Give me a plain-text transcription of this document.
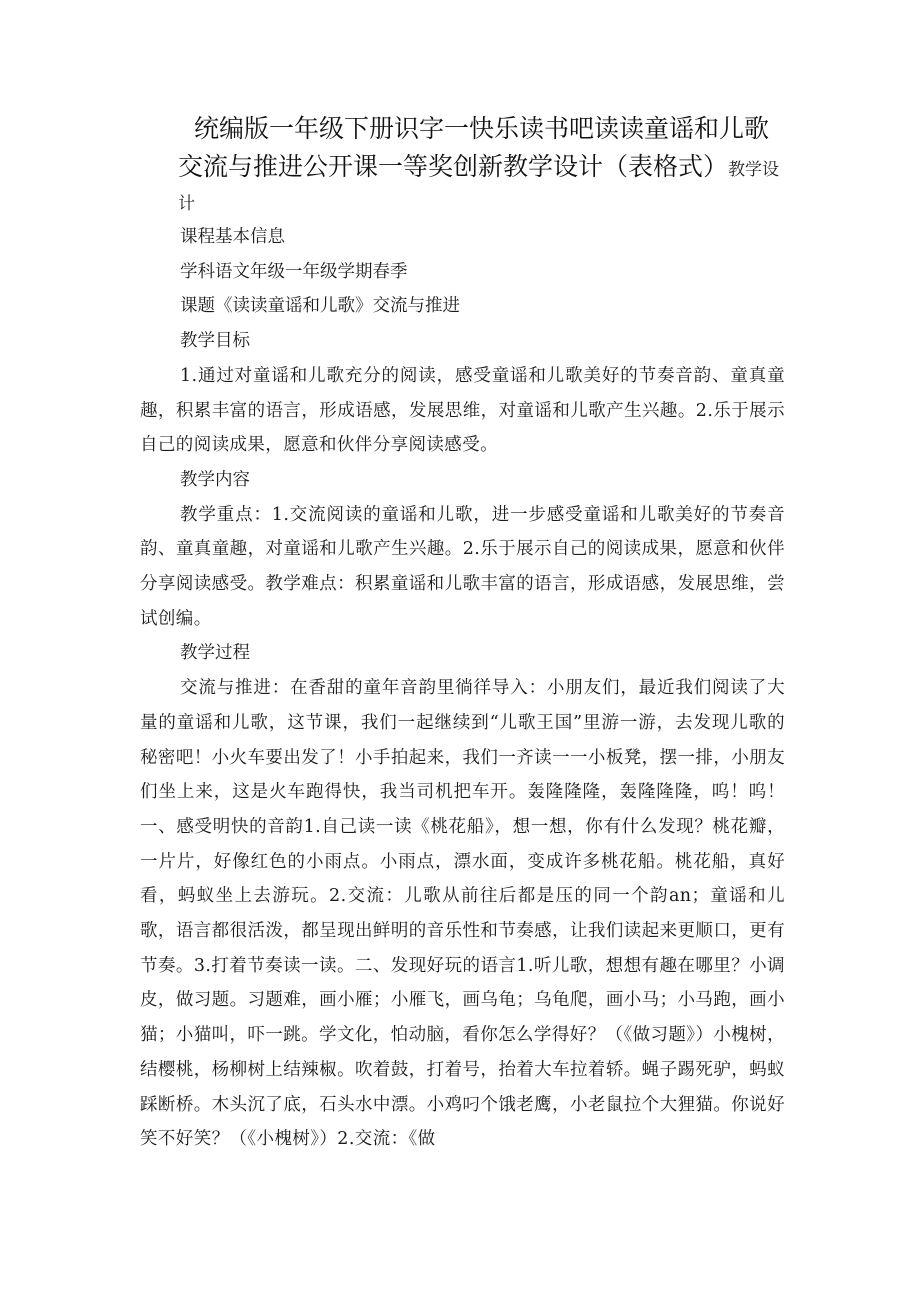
统编版一年级下册识字一快乐读书吧读读童谣和儿歌
交流与推进公开课一等奖创新教学设计（表格式）教学设
计

课程基本信息

学科语文年级一年级学期春季

课题《读读童谣和儿歌》交流与推进

教学目标

1.通过对童谣和儿歌充分的阅读，感受童谣和儿歌美好的节奏音韵、童真童趣，积累丰富的语言，形成语感，发展思维，对童谣和儿歌产生兴趣。2.乐于展示自己的阅读成果，愿意和伙伴分享阅读感受。

教学内容

教学重点：1.交流阅读的童谣和儿歌，进一步感受童谣和儿歌美好的节奏音韵、童真童趣，对童谣和儿歌产生兴趣。2.乐于展示自己的阅读成果，愿意和伙伴分享阅读感受。教学难点：积累童谣和儿歌丰富的语言，形成语感，发展思维，尝试创编。

教学过程

交流与推进：在香甜的童年音韵里徜徉导入：小朋友们，最近我们阅读了大量的童谣和儿歌，这节课，我们一起继续到“儿歌王国”里游一游，去发现儿歌的秘密吧！小火车要出发了！小手拍起来，我们一齐读一一小板凳，摆一排，小朋友们坐上来，这是火车跑得快，我当司机把车开。轰隆隆隆，轰隆隆隆，呜！呜！一、感受明快的音韵1.自己读一读《桃花船》，想一想，你有什么发现？桃花瓣，一片片，好像红色的小雨点。小雨点，漂水面，变成许多桃花船。桃花船，真好看，蚂蚁坐上去游玩。2.交流：儿歌从前往后都是压的同一个韵an；童谣和儿歌，语言都很活泼，都呈现出鲜明的音乐性和节奏感，让我们读起来更顺口，更有节奏。3.打着节奏读一读。二、发现好玩的语言1.听儿歌，想想有趣在哪里？小调皮，做习题。习题难，画小雁；小雁飞，画乌龟；乌龟爬，画小马；小马跑，画小猫；小猫叫，吓一跳。学文化，怕动脑，看你怎么学得好？（《做习题》）小槐树，结樱桃，杨柳树上结辣椒。吹着鼓，打着号，抬着大车拉着轿。蝇子踢死驴，蚂蚁踩断桥。木头沉了底，石头水中漂。小鸡叼个饿老鹰，小老鼠拉个大狸猫。你说好笑不好笑？（《小槐树》）2.交流：《做
